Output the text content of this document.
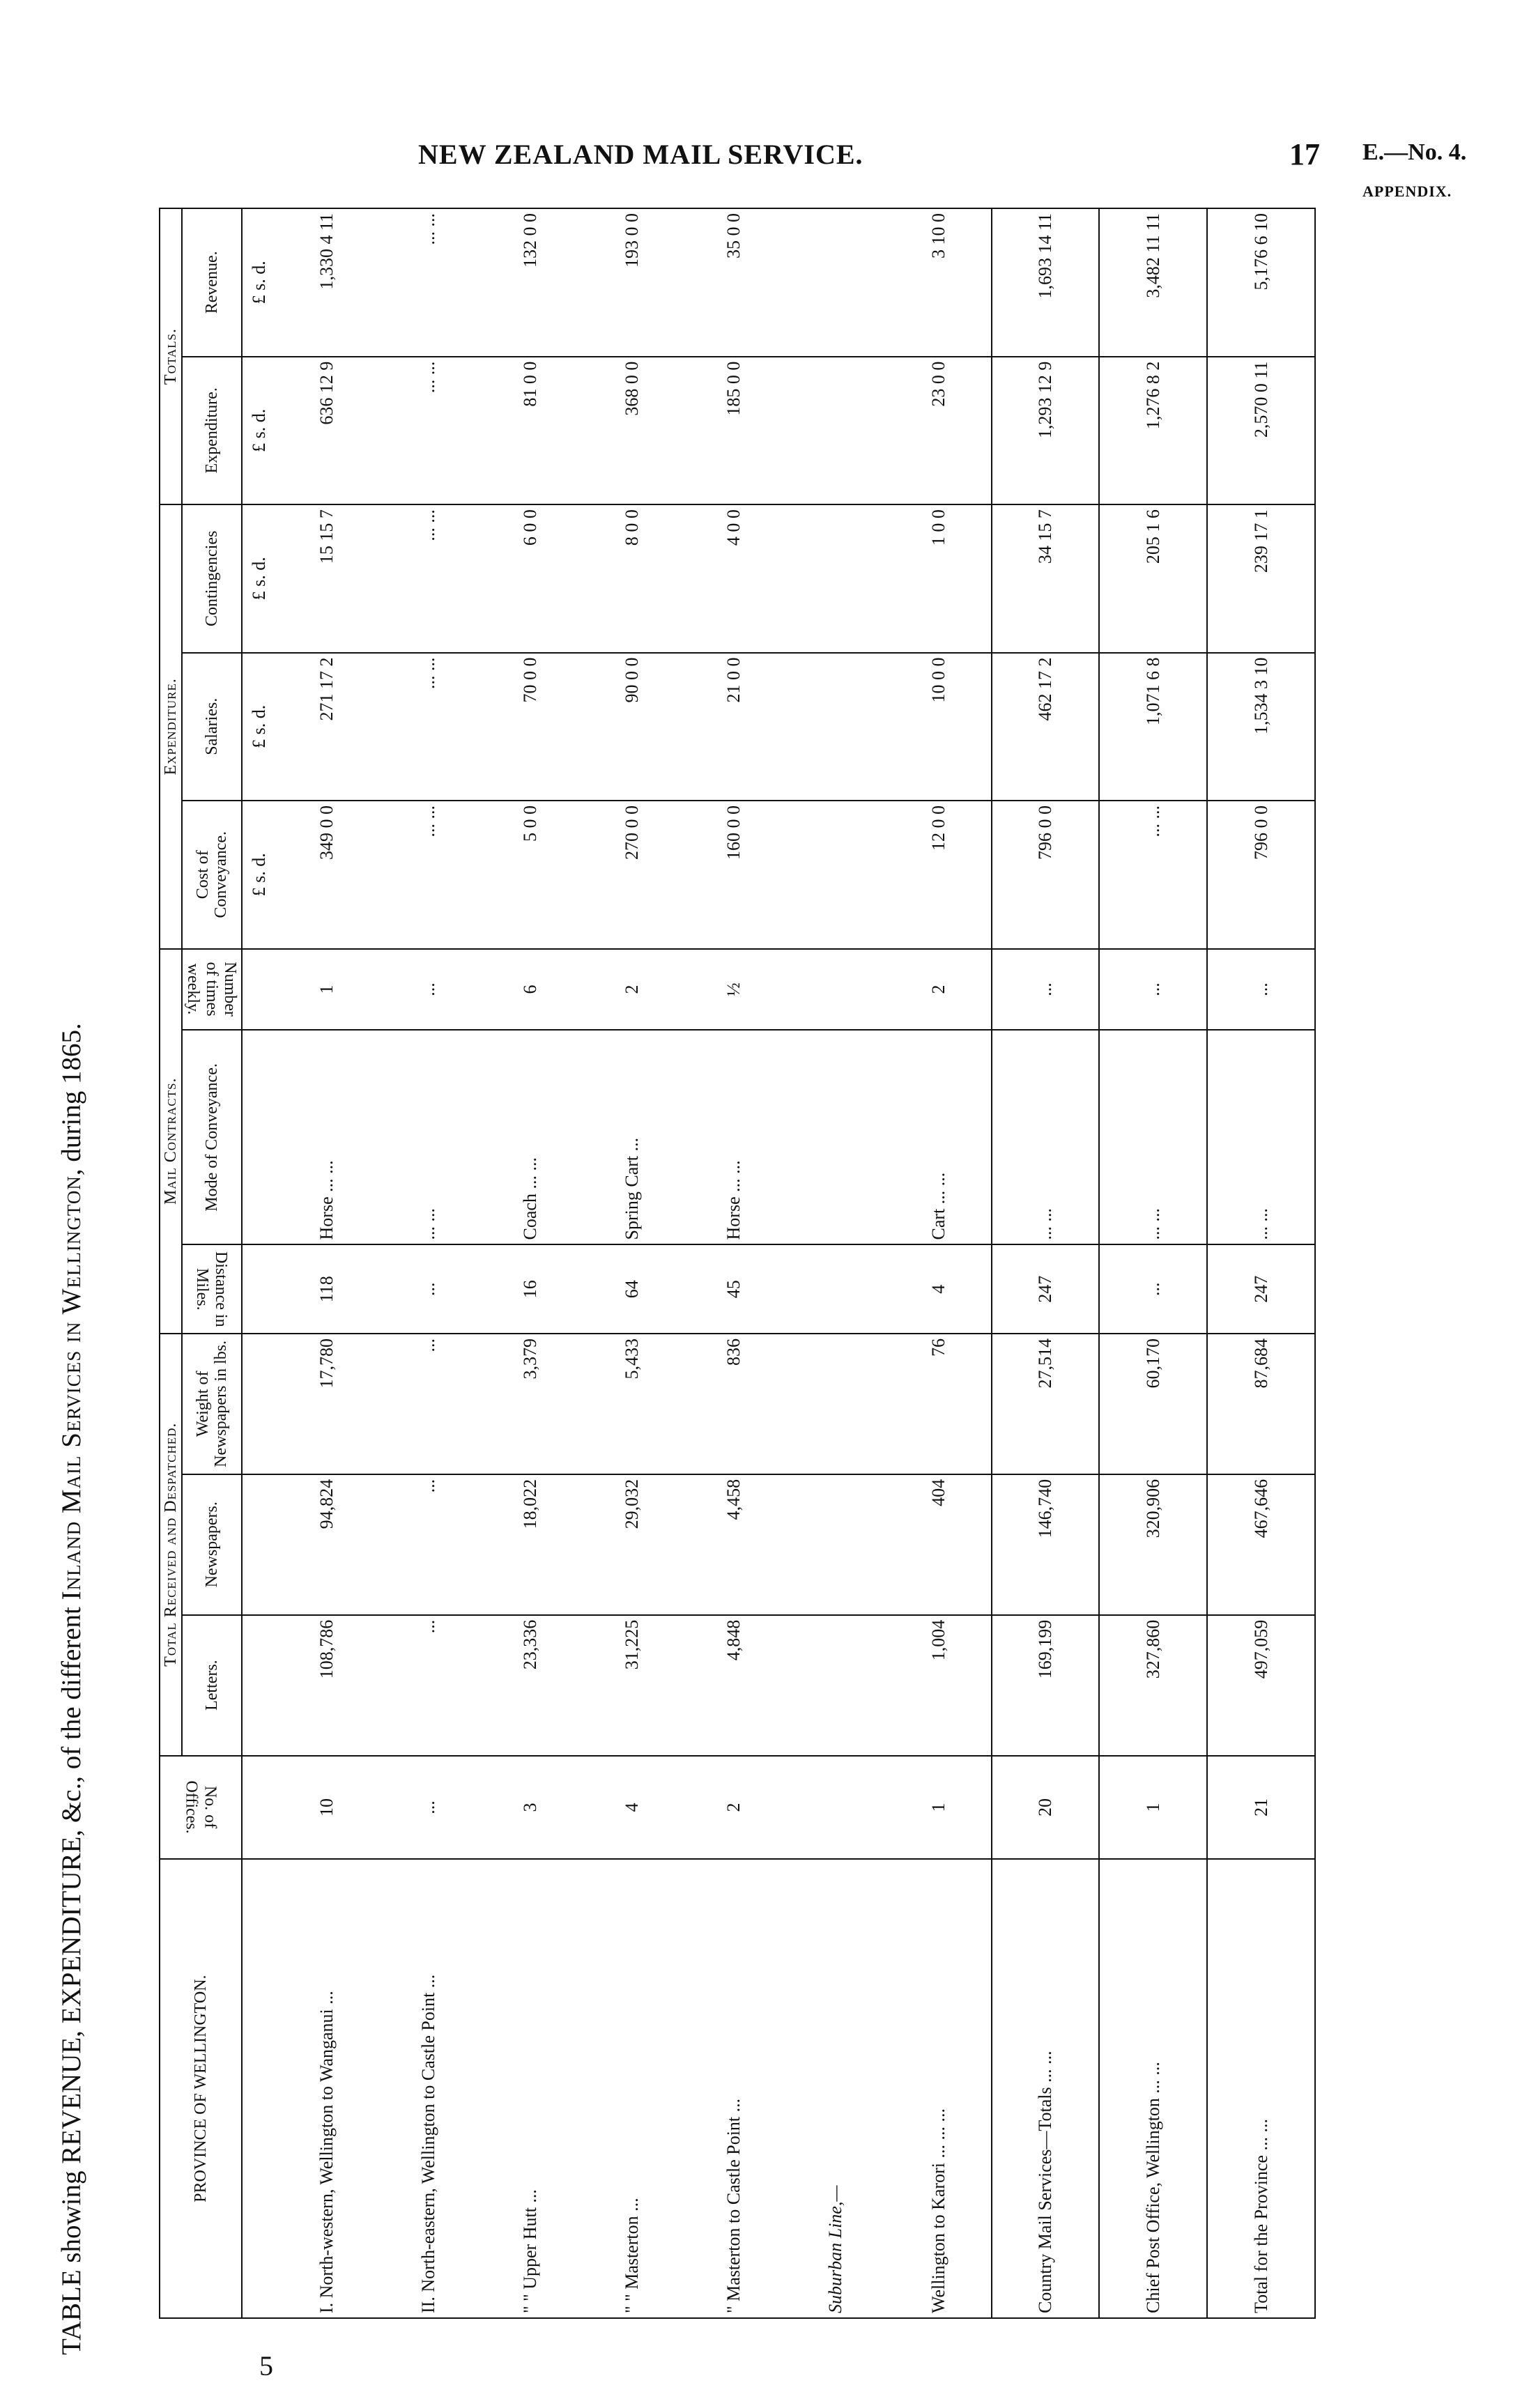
NEW ZEALAND MAIL SERVICE.	17 E.—No. 4.
APPENDIX.
TABLE showing REVENUE, EXPENDITURE, &c., of the different Inland Mail Services in Wellington, during 1865.
PROVINCE OF WELLINGTON.	No. of Offices.	Total Received and Despatched.			Mail Contracts.			Expenditure.			Totals.	
		Letters.	Newspapers.	Weight of Newspapers in lbs.	Distance in Miles.	Mode of Conveyance.	Number of times weekly.	Cost of Conveyance.	Salaries.	Contingencies	Expenditure.	Revenue.
								£ s. d.	£ s. d.	£ s. d.	£ s. d.	£ s. d.
I. North-western, Wellington to Wanganui ...	10	108,786	94,824	17,780	118	Horse ... ...	1	349 0 0	271 17 2	15 15 7	636 12 9	1,330 4 11
II. North-eastern, Wellington to Castle Point ...	...	...	...	...	...	... ...	...	... ...	... ...	... ...	... ...	... ...
" " Upper Hutt ...	3	23,336	18,022	3,379	16	Coach ... ...	6	5 0 0	70 0 0	6 0 0	81 0 0	132 0 0
" " Masterton ...	4	31,225	29,032	5,433	64	Spring Cart ...	2	270 0 0	90 0 0	8 0 0	368 0 0	193 0 0
" Masterton to Castle Point ...	2	4,848	4,458	836	45	Horse ... ...	½	160 0 0	21 0 0	4 0 0	185 0 0	35 0 0
Suburban Line,—												
Wellington to Karori ... ... ...	1	1,004	404	76	4	Cart ... ...	2	12 0 0	10 0 0	1 0 0	23 0 0	3 10 0
Country Mail Services—Totals ... ...	20	169,199	146,740	27,514	247	... ...	...	796 0 0	462 17 2	34 15 7	1,293 12 9	1,693 14 11
Chief Post Office, Wellington ... ...	1	327,860	320,906	60,170	...	... ...	...	... ...	1,071 6 8	205 1 6	1,276 8 2	3,482 11 11
Total for the Province ... ...	21	497,059	467,646	87,684	247	... ...	...	796 0 0	1,534 3 10	239 17 1	2,570 0 11	5,176 6 10
5
